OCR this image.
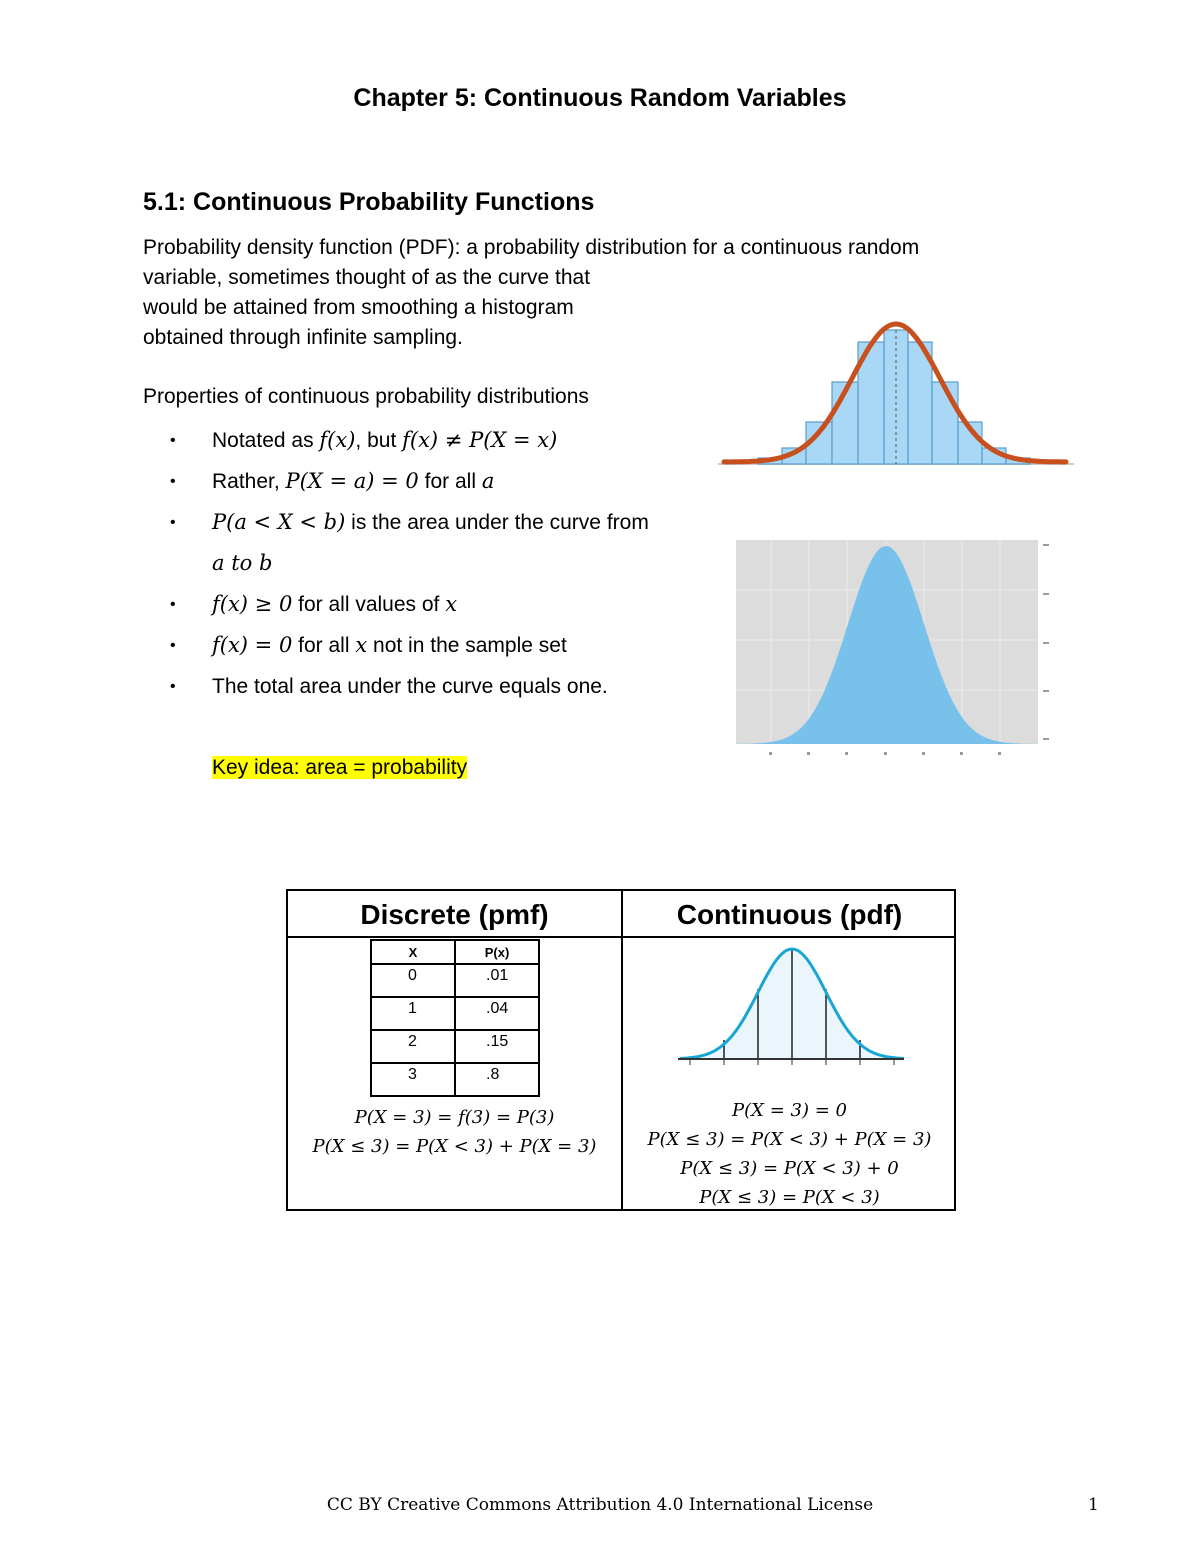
Chapter 5: Continuous Random Variables
5.1: Continuous Probability Functions
Probability density function (PDF): a probability distribution for a continuous random
variable, sometimes thought of as the curve that
would be attained from smoothing a histogram
obtained through infinite sampling.
Properties of continuous probability distributions
• Notated as f(x), but f(x) ≠ P(X = x)
• Rather, P(X = a) = 0 for all a
• P(a < X < b) is the area under the curve from
a to b
• f(x) ≥ 0 for all values of x
• f(x) = 0 for all x not in the sample set
• The total area under the curve equals one.
Key idea: area = probability
Discrete (pmf)	Continuous (pdf)
X	P(x)
0	.01
1	.04
2	.15
3	.8
P(X = 3) = f(3) = P(3)
P(X ≤ 3) = P(X < 3) + P(X = 3)
P(X = 3) = 0
P(X ≤ 3) = P(X < 3) + P(X = 3)
P(X ≤ 3) = P(X < 3) + 0
P(X ≤ 3) = P(X < 3)
CC BY Creative Commons Attribution 4.0 International License	1
